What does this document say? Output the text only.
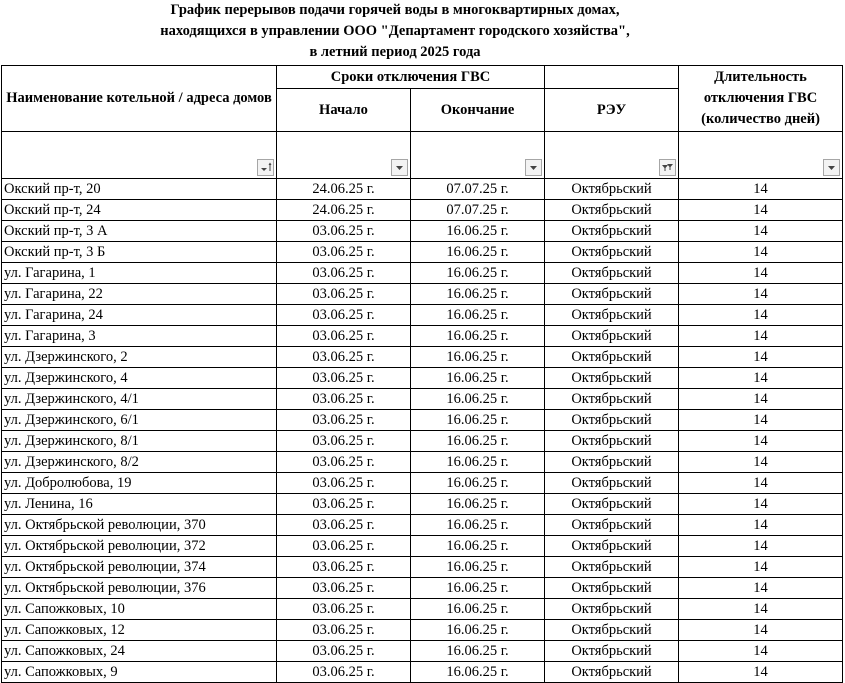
График перерывов подачи горячей воды в многоквартирных домах,
находящихся в управлении ООО "Департамент городского хозяйства",
в летний период 2025 года
Наименование котельной / адреса домов	Сроки отключения ГВС			Длительность отключения ГВС (количество дней)
	Начало	Окончание	РЭУ	

Окский пр-т, 20	24.06.25 г.	07.07.25 г.	Октябрьский	14
Окский пр-т, 24	24.06.25 г.	07.07.25 г.	Октябрьский	14
Окский пр-т, 3 А	03.06.25 г.	16.06.25 г.	Октябрьский	14
Окский пр-т, 3 Б	03.06.25 г.	16.06.25 г.	Октябрьский	14
ул. Гагарина, 1	03.06.25 г.	16.06.25 г.	Октябрьский	14
ул. Гагарина, 22	03.06.25 г.	16.06.25 г.	Октябрьский	14
ул. Гагарина, 24	03.06.25 г.	16.06.25 г.	Октябрьский	14
ул. Гагарина, 3	03.06.25 г.	16.06.25 г.	Октябрьский	14
ул. Дзержинского, 2	03.06.25 г.	16.06.25 г.	Октябрьский	14
ул. Дзержинского, 4	03.06.25 г.	16.06.25 г.	Октябрьский	14
ул. Дзержинского, 4/1	03.06.25 г.	16.06.25 г.	Октябрьский	14
ул. Дзержинского, 6/1	03.06.25 г.	16.06.25 г.	Октябрьский	14
ул. Дзержинского, 8/1	03.06.25 г.	16.06.25 г.	Октябрьский	14
ул. Дзержинского, 8/2	03.06.25 г.	16.06.25 г.	Октябрьский	14
ул. Добролюбова, 19	03.06.25 г.	16.06.25 г.	Октябрьский	14
ул. Ленина, 16	03.06.25 г.	16.06.25 г.	Октябрьский	14
ул. Октябрьской революции, 370	03.06.25 г.	16.06.25 г.	Октябрьский	14
ул. Октябрьской революции, 372	03.06.25 г.	16.06.25 г.	Октябрьский	14
ул. Октябрьской революции, 374	03.06.25 г.	16.06.25 г.	Октябрьский	14
ул. Октябрьской революции, 376	03.06.25 г.	16.06.25 г.	Октябрьский	14
ул. Сапожковых, 10	03.06.25 г.	16.06.25 г.	Октябрьский	14
ул. Сапожковых, 12	03.06.25 г.	16.06.25 г.	Октябрьский	14
ул. Сапожковых, 24	03.06.25 г.	16.06.25 г.	Октябрьский	14
ул. Сапожковых, 9	03.06.25 г.	16.06.25 г.	Октябрьский	14
